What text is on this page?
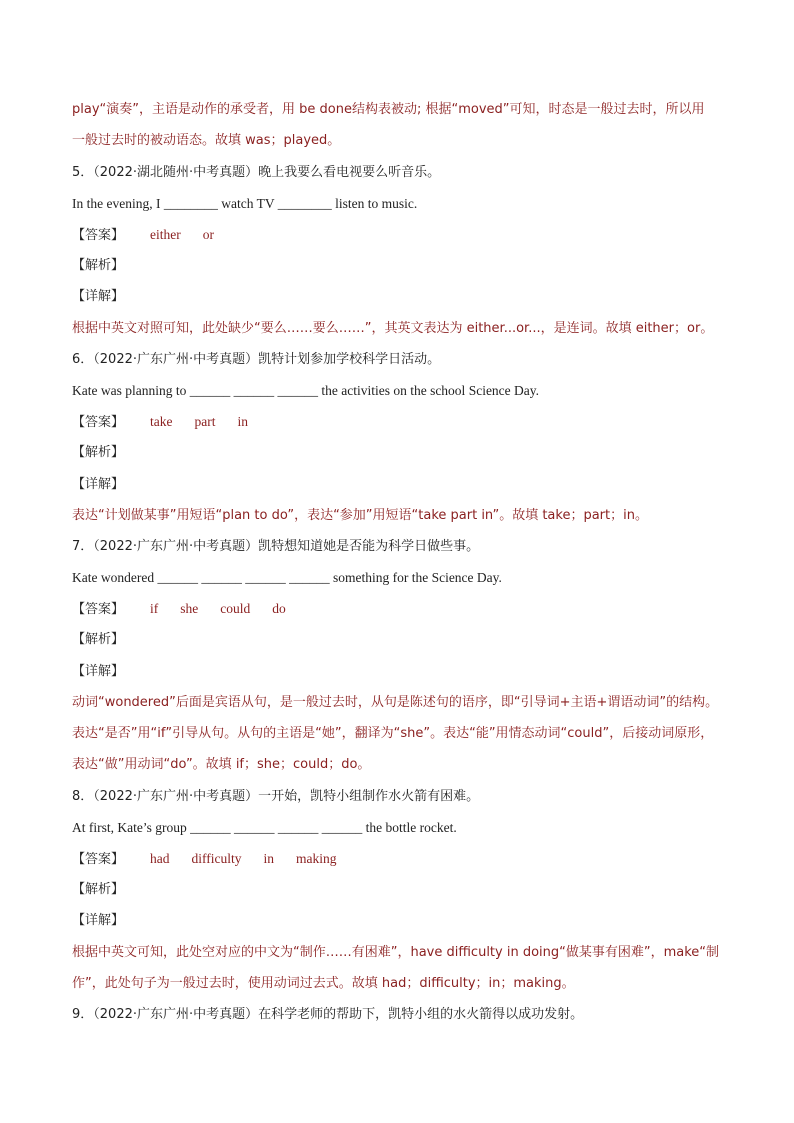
play“演奏”，主语是动作的承受者，用 be done结构表被动; 根据“moved”可知，时态是一般过去时，所以用
一般过去时的被动语态。故填 was；played。
5．（2022·湖北随州·中考真题）晚上我要么看电视要么听音乐。
In the evening, I ________ watch TV ________ listen to music.
【答案】 either or
【解析】
【详解】
根据中英文对照可知，此处缺少“要么……要么……”，其英文表达为 either...or...，是连词。故填 either；or。
6．（2022·广东广州·中考真题）凯特计划参加学校科学日活动。
Kate was planning to ______ ______ ______ the activities on the school Science Day.
【答案】 take part in
【解析】
【详解】
表达“计划做某事”用短语“plan to do”，表达“参加”用短语“take part in”。故填 take；part；in。
7．（2022·广东广州·中考真题）凯特想知道她是否能为科学日做些事。
Kate wondered ______ ______ ______ ______ something for the Science Day.
【答案】 if she could do
【解析】
【详解】
动词“wondered”后面是宾语从句，是一般过去时，从句是陈述句的语序，即“引导词+主语+谓语动词”的结构。
表达“是否”用“if”引导从句。从句的主语是“她”，翻译为“she”。表达“能”用情态动词“could”，后接动词原形，
表达“做”用动词“do”。故填 if；she；could；do。
8．（2022·广东广州·中考真题）一开始，凯特小组制作水火箭有困难。
At first, Kate’s group ______ ______ ______ ______ the bottle rocket.
【答案】 had difficulty in making
【解析】
【详解】
根据中英文可知，此处空对应的中文为“制作……有困难”，have difficulty in doing“做某事有困难”，make“制
作”，此处句子为一般过去时，使用动词过去式。故填 had；difficulty；in；making。
9．（2022·广东广州·中考真题）在科学老师的帮助下，凯特小组的水火箭得以成功发射。
